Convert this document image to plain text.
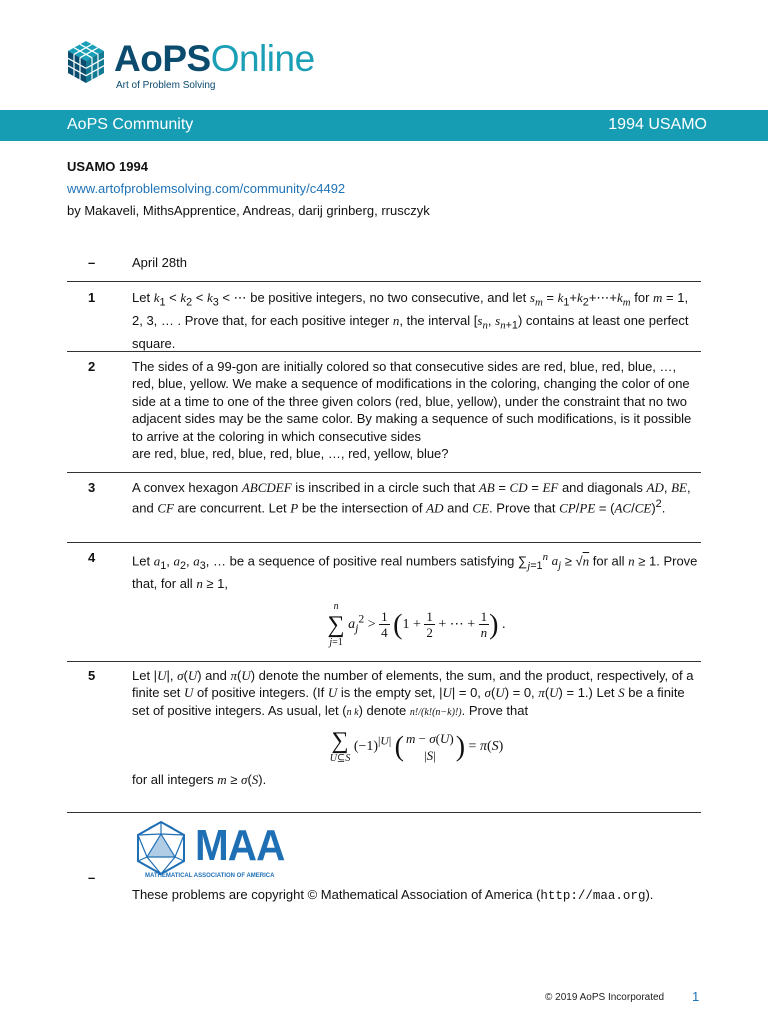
AoPSOnline
Art of Problem Solving
AoPS Community	1994 USAMO
USAMO 1994
www.artofproblemsolving.com/community/c4492
by Makaveli, MithsApprentice, Andreas, darij grinberg, rrusczyk
–	April 28th
1	Let $k_1 < k_2 < k_3$ < ⋯ be positive integers, no two consecutive, and let $s_m$ = $k_1+k_2+\cdots+k_m$ for m = 1, 2, 3, … . Prove that, for each positive integer n, the interval [$s_n$, $s_{n+1}$) contains at least one perfect square.
2	The sides of a 99-gon are initially colored so that consecutive sides are red, blue, red, blue, …, red, blue, yellow. We make a sequence of modifications in the coloring, changing the color of one side at a time to one of the three given colors (red, blue, yellow), under the constraint that no two adjacent sides may be the same color. By making a sequence of such modifications, is it possible to arrive at the coloring in which consecutive sides
are red, blue, red, blue, red, blue, …, red, yellow, blue?
3	A convex hexagon ABCDEF is inscribed in a circle such that AB = CD = EF and diagonals AD, BE, and CF are concurrent. Let P be the intersection of AD and CE. Prove that $CP/PE = (AC/CE)^2$.
4	Let $a_1$, $a_2$, $a_3$, … be a sequence of positive real numbers satisfying $\sum_{j=1}^n$ $a_j \ge √n$ for all n ≥ 1. Prove that, for all n ≥ 1,
n
∑
j=1 $a_j^2 > \frac{1}{4} (1 + \frac{1}{2}$ + ⋯ + $\frac{1}{n}$ ) .
5	Let |U|, σ(U) and π(U) denote the number of elements, the sum, and the product, respectively, of a finite set U of positive integers. (If U is the empty set, |U| = 0, σ(U) = 0, π(U) = 1.) Let S be a finite set of positive integers. As usual, let (n k) denote n!/(k!(n−k)!). Prove that
∑
U⊆S $(-1)^{|U|}$ ( m − σ(U)
|S| ) = π(S)
for all integers m ≥ σ(S).
MAA
MATHEMATICAL ASSOCIATION OF AMERICA
–
These problems are copyright © Mathematical Association of America (http://maa.org).
© 2019 AoPS Incorporated 1
